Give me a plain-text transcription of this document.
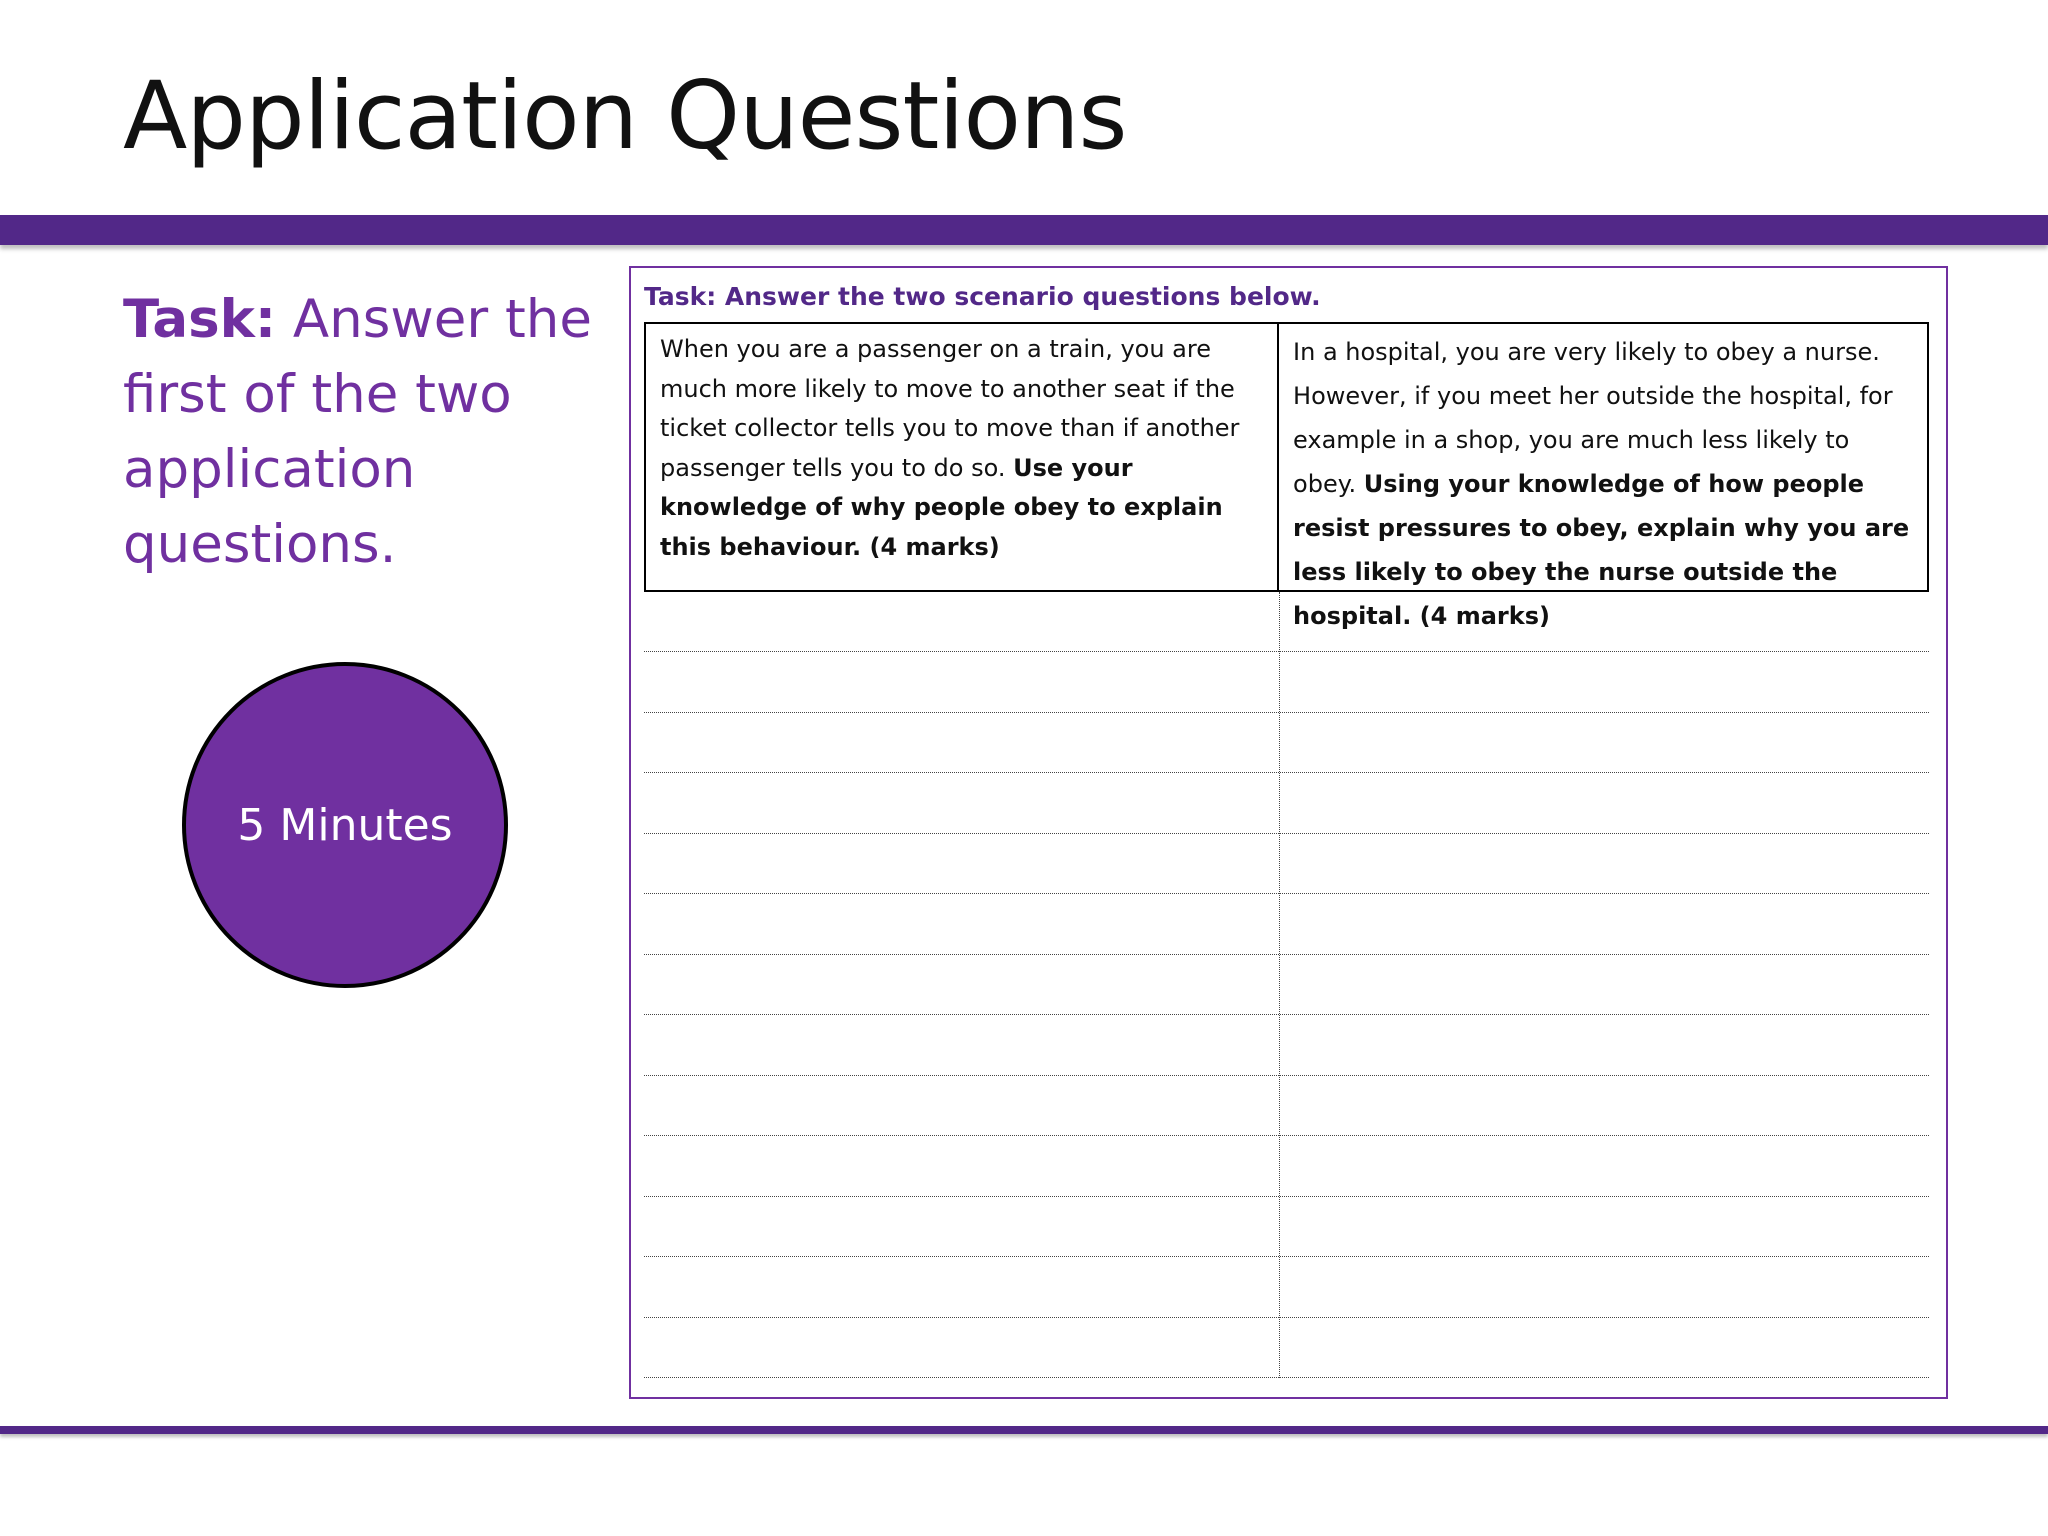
Application Questions
Task: Answer the first of the two application questions.
5 Minutes
Task: Answer the two scenario questions below.
When you are a passenger on a train, you are much more likely to move to another seat if the ticket collector tells you to move than if another passenger tells you to do so. Use your knowledge of why people obey to explain this behaviour. (4 marks)
In a hospital, you are very likely to obey a nurse. However, if you meet her outside the hospital, for example in a shop, you are much less likely to obey. Using your knowledge of how people resist pressures to obey, explain why you are less likely to obey the nurse outside the hospital. (4 marks)
